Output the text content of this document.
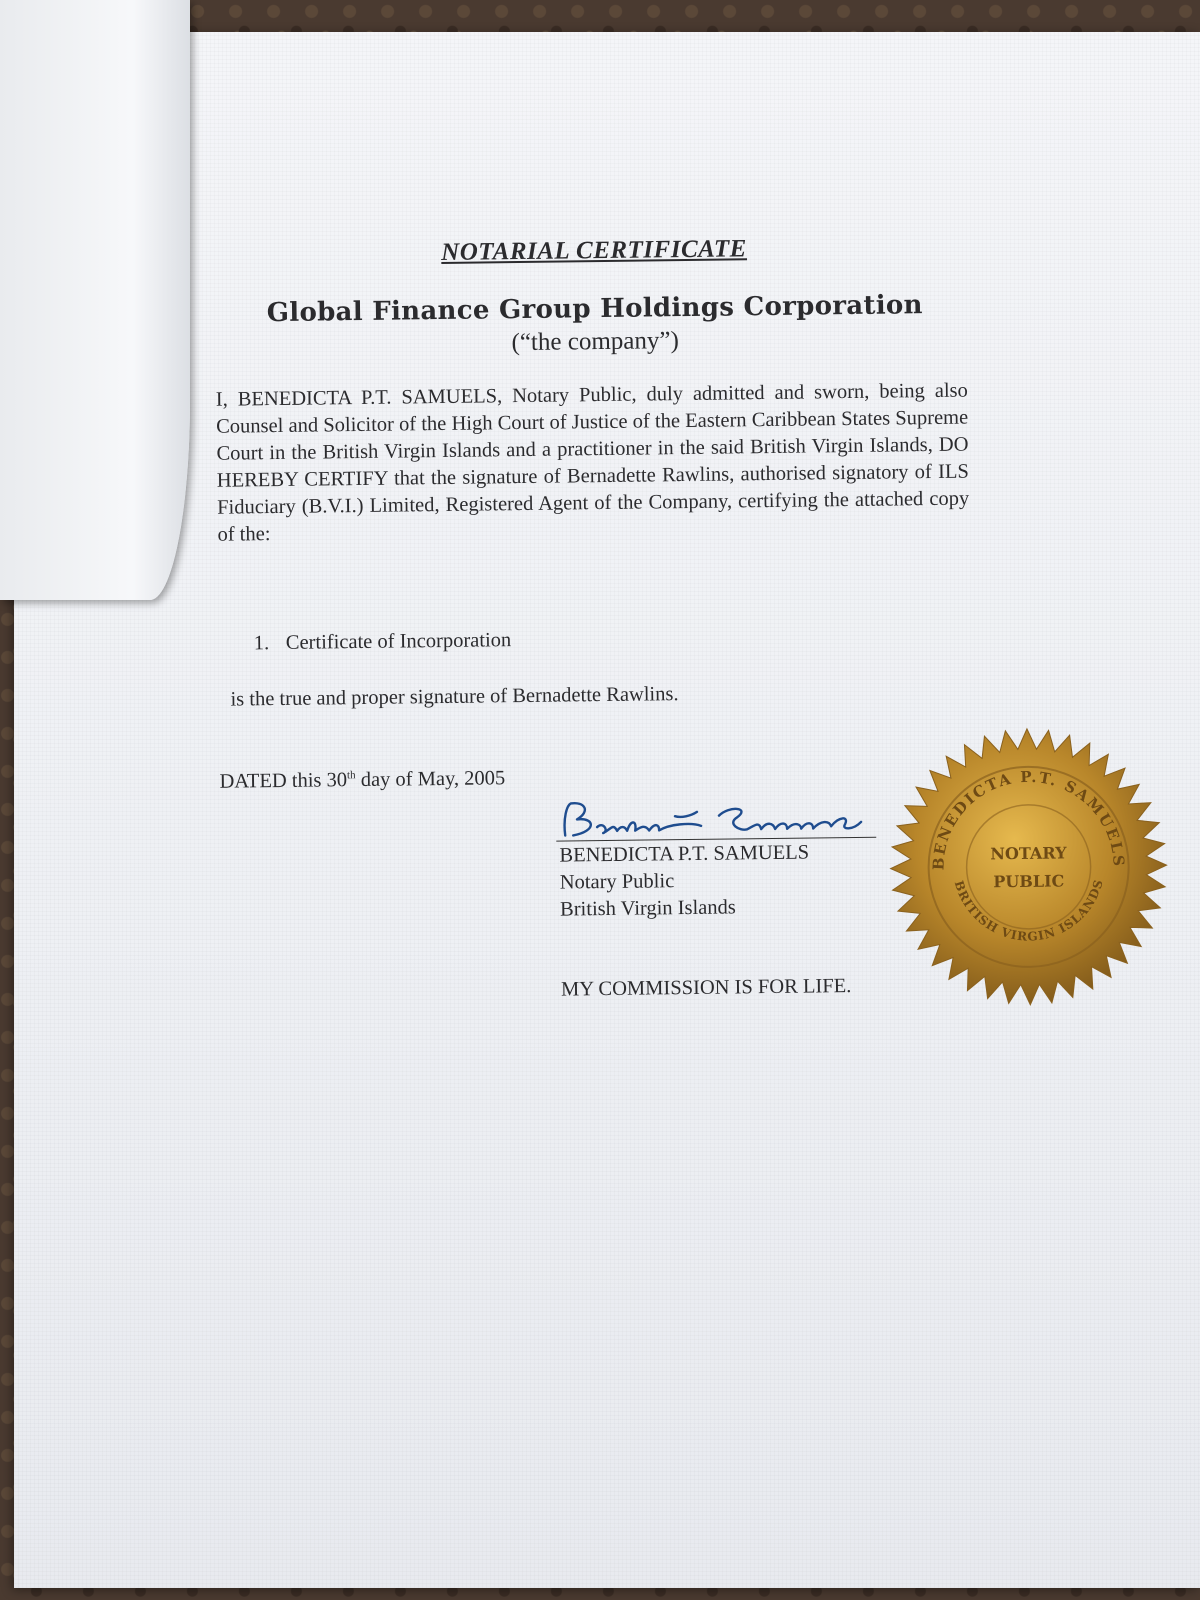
NOTARIAL CERTIFICATE
Global Finance Group Holdings Corporation
(“the company”)
I, BENEDICTA P.T. SAMUELS, Notary Public, duly admitted and sworn, being also Counsel and Solicitor of the High Court of Justice of the Eastern Caribbean States Supreme Court in the British Virgin Islands and a practitioner in the said British Virgin Islands, DO HEREBY CERTIFY that the signature of Bernadette Rawlins, authorised signatory of ILS Fiduciary (B.V.I.) Limited, Registered Agent of the Company, certifying the attached copy of the:
1. Certificate of Incorporation
is the true and proper signature of Bernadette Rawlins.
DATED this 30th day of May, 2005
BENEDICTA P.T. SAMUELS
Notary Public
British Virgin Islands
MY COMMISSION IS FOR LIFE.
BENEDICTA P.T. SAMUELS
BRITISH VIRGIN ISLANDS
NOTARY
PUBLIC
